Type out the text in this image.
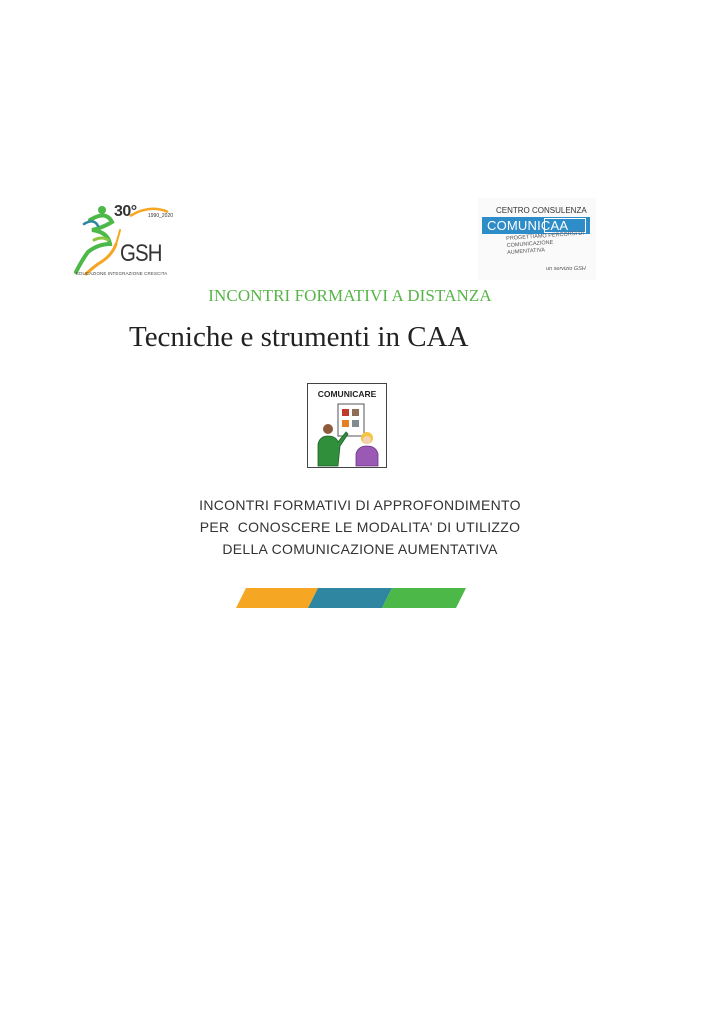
30° 1990_2020
GSH
EDUCAZIONE INTEGRAZIONE CRESCITA
CENTRO CONSULENZA
COMUNICAA
PROGETTIAMO PERCORSI DI COMUNICAZIONE AUMENTATIVA
un servizio GSH
INCONTRI FORMATIVI A DISTANZA
Tecniche e strumenti in CAA
COMUNICARE
INCONTRI FORMATIVI DI APPROFONDIMENTO
PER  CONOSCERE LE MODALITA' DI UTILIZZO
DELLA COMUNICAZIONE AUMENTATIVA
